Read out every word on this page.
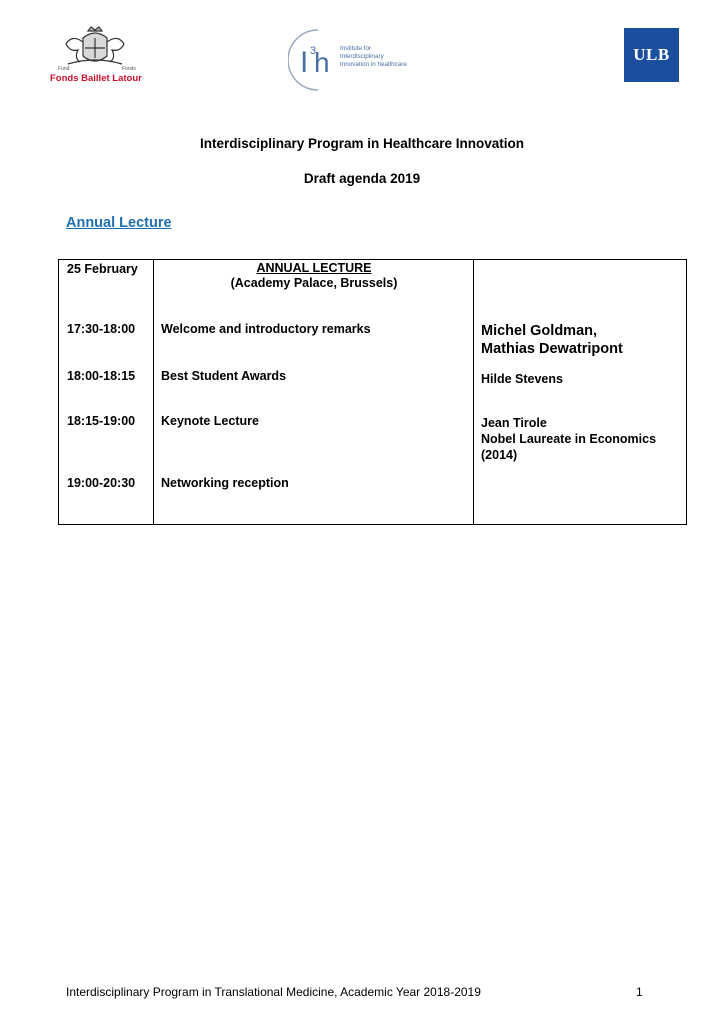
Fund	Fonds
Fonds Baillet Latour	I 3
h Institute for
Interdisciplinary
Innovation in healthcare
ULB
Interdisciplinary Program in Healthcare Innovation
Draft agenda 2019
Annual Lecture
25 February	ANNUAL LECTURE
(Academy Palace, Brussels)
17:30-18:00 Welcome and introductory remarks	Michel Goldman,
Mathias Dewatripont
18:00-18:15 Best Student Awards	Hilde Stevens
18:15-19:00 Keynote Lecture	Jean Tirole
Nobel Laureate in Economics
(2014)
19:00-20:30 Networking reception
Interdisciplinary Program in Translational Medicine, Academic Year 2018-2019	1
